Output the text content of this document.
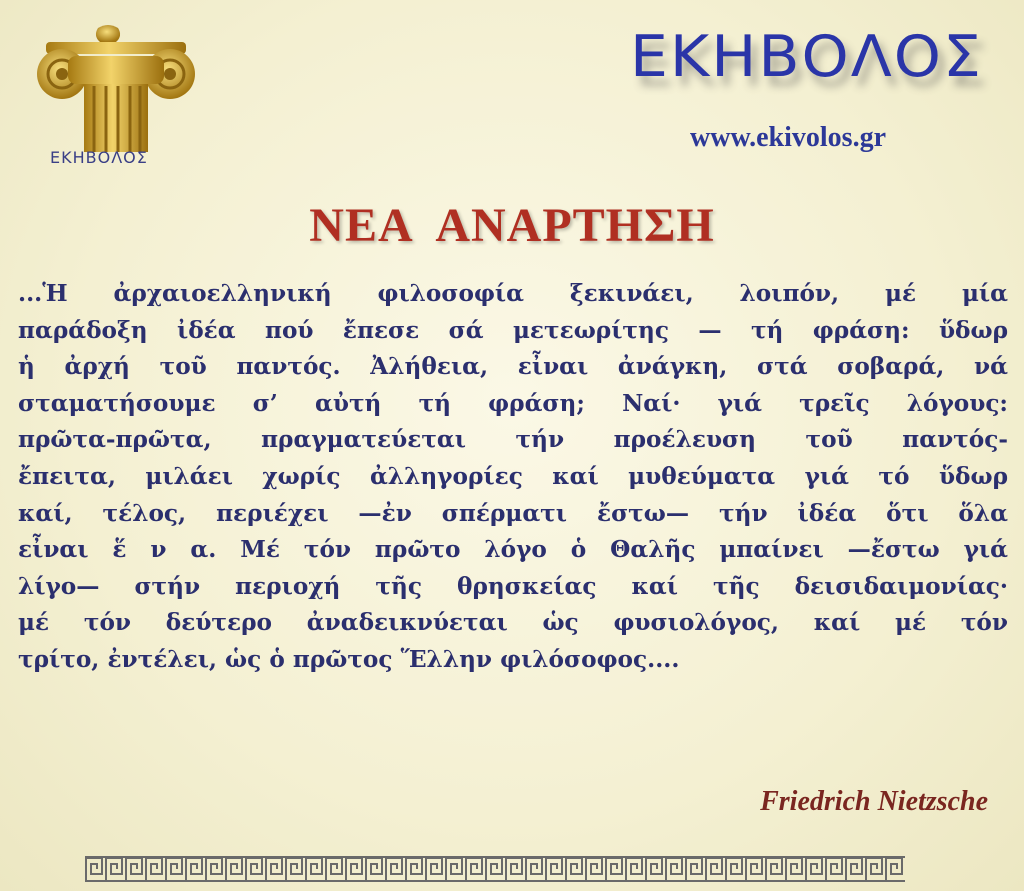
ΕΚΗΒΟΛΟΣ
ΕΚΗΒΟΛΟΣ
www.ekivolos.gr
ΝΕΑ ΑΝΑΡΤΗΣΗ
...Ἡ ἀρχαιοελληνική φιλοσοφία ξεκινάει, λοιπόν, μέ μία
παράδοξη ἰδέα πού ἔπεσε σά μετεωρίτης — τή φράση: ὕδωρ
ἡ ἀρχή τοῦ παντός. Ἀλήθεια, εἶναι ἀνάγκη, στά σοβαρά, νά
σταματήσουμε σ’ αὐτή τή φράση; Ναί· γιά τρεῖς λόγους:
πρῶτα-πρῶτα, πραγματεύεται τήν προέλευση τοῦ παντός-
ἔπειτα, μιλάει χωρίς ἀλληγορίες καί μυθεύματα γιά τό ὕδωρ
καί, τέλος, περιέχει —ἐν σπέρματι ἔστω— τήν ἰδέα ὅτι ὅλα
εἶναι ἕ ν α. Μέ τόν πρῶτο λόγο ὁ Θαλῆς μπαίνει —ἔστω γιά
λίγο— στήν περιοχή τῆς θρησκείας καί τῆς δεισιδαιμονίας·
μέ τόν δεύτερο ἀναδεικνύεται ὡς φυσιολόγος, καί μέ τόν
τρίτο, ἐντέλει, ὡς ὁ πρῶτος Ἕλλην φιλόσοφος....
Friedrich Nietzsche
